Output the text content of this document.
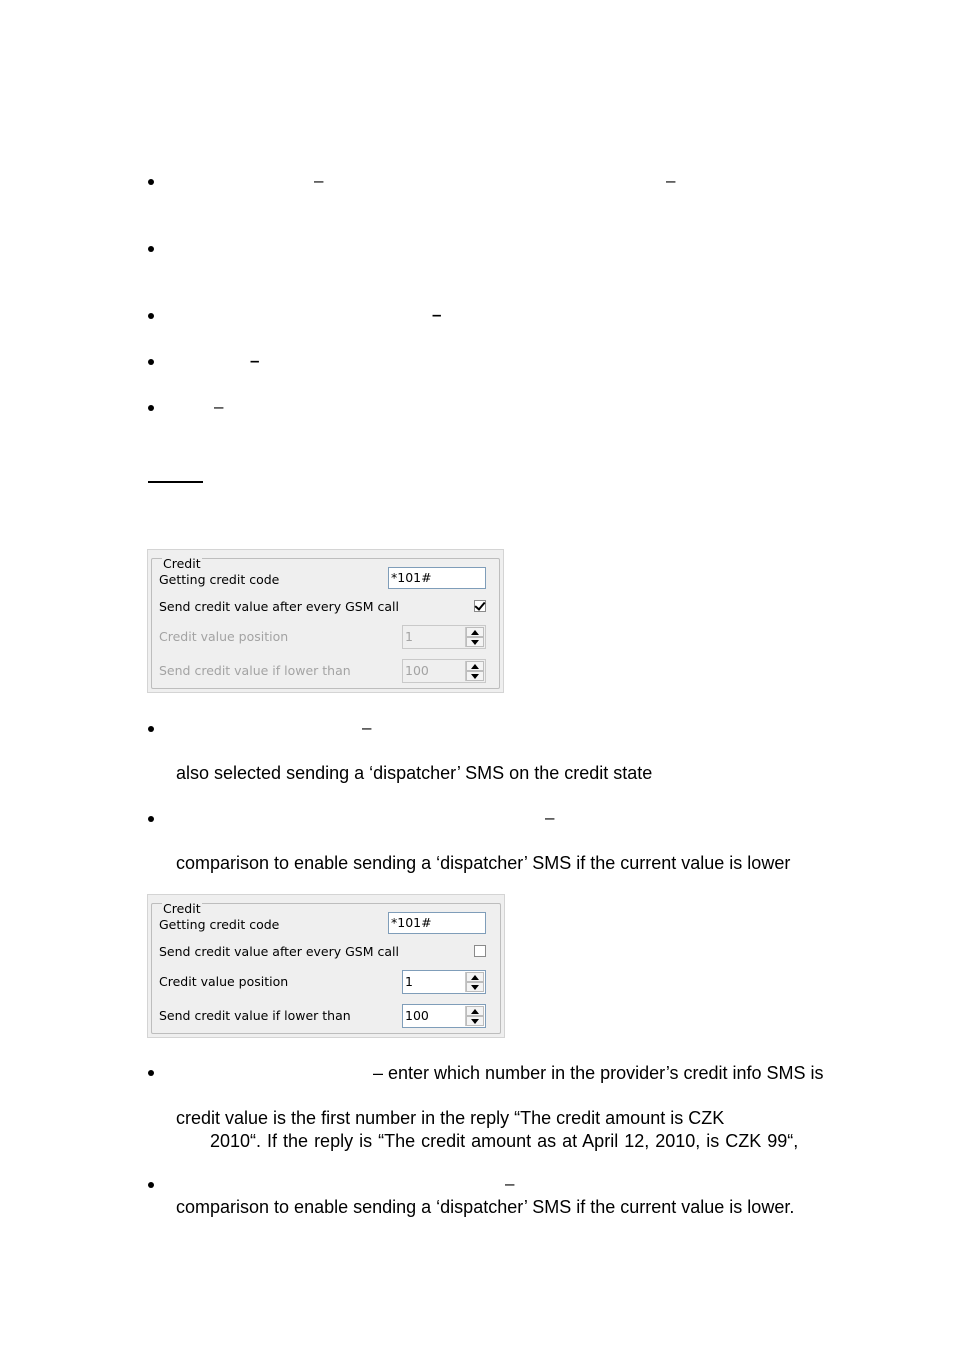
–	–
–
–
–
Credit
Getting credit code	*101#
Send credit value after every GSM call
Credit value position	1
Send credit value if lower than	100
–
also selected sending a ‘dispatcher’ SMS on the credit state
–
comparison to enable sending a ‘dispatcher’ SMS if the current value is lower
Credit
Getting credit code	*101#
Send credit value after every GSM call
Credit value position	1
Send credit value if lower than	100
– enter which number in the provider’s credit info SMS is
credit value is the first number in the reply “The credit amount is CZK
2010“. If the reply is “The credit amount as at April 12, 2010, is CZK 99“,
–
comparison to enable sending a ‘dispatcher’ SMS if the current value is lower.
